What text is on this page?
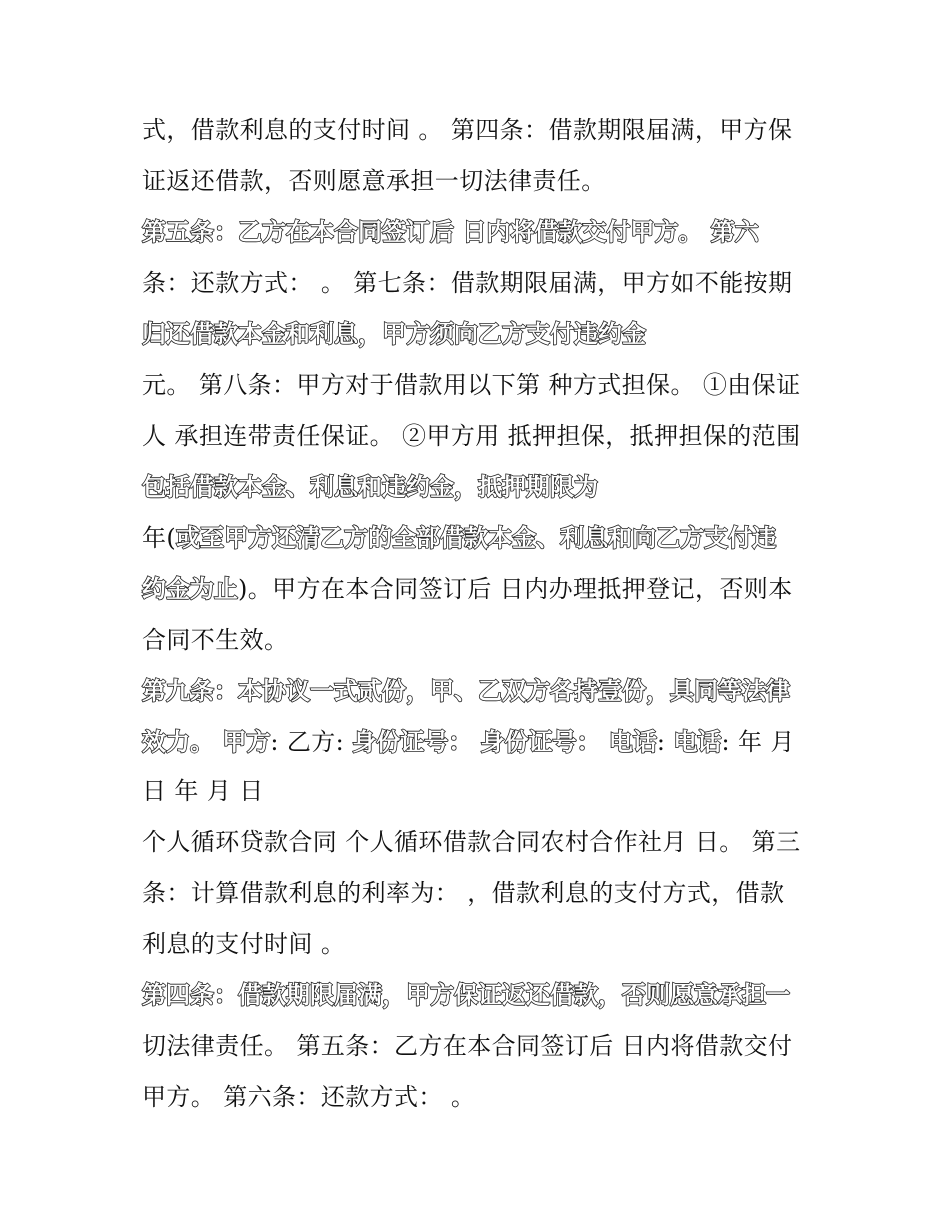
式，借款利息的支付时间 。 第四条：借款期限届满，甲方保
证返还借款，否则愿意承担一切法律责任。
第五条：乙方在本合同签订后 日内将借款交付甲方。 第六
条：还款方式： 。 第七条：借款期限届满，甲方如不能按期
归还借款本金和利息，甲方须向乙方支付违约金
元。 第八条：甲方对于借款用以下第 种方式担保。 ①由保证
人 承担连带责任保证。 ②甲方用 抵押担保，抵押担保的范围
包括借款本金、利息和违约金，抵押期限为
年(或至甲方还清乙方的全部借款本金、利息和向乙方支付违
约金为止)。甲方在本合同签订后 日内办理抵押登记，否则本
合同不生效。
第九条：本协议一式贰份，甲、乙双方各持壹份，具同等法律
效力。 甲方: 乙方: 身份证号： 身份证号： 电话: 电话: 年 月
日 年 月 日
个人循环贷款合同 个人循环借款合同农村合作社月 日。 第三
条：计算借款利息的利率为： ，借款利息的支付方式，借款
利息的支付时间 。
第四条：借款期限届满，甲方保证返还借款，否则愿意承担一
切法律责任。 第五条：乙方在本合同签订后 日内将借款交付
甲方。 第六条：还款方式： 。
